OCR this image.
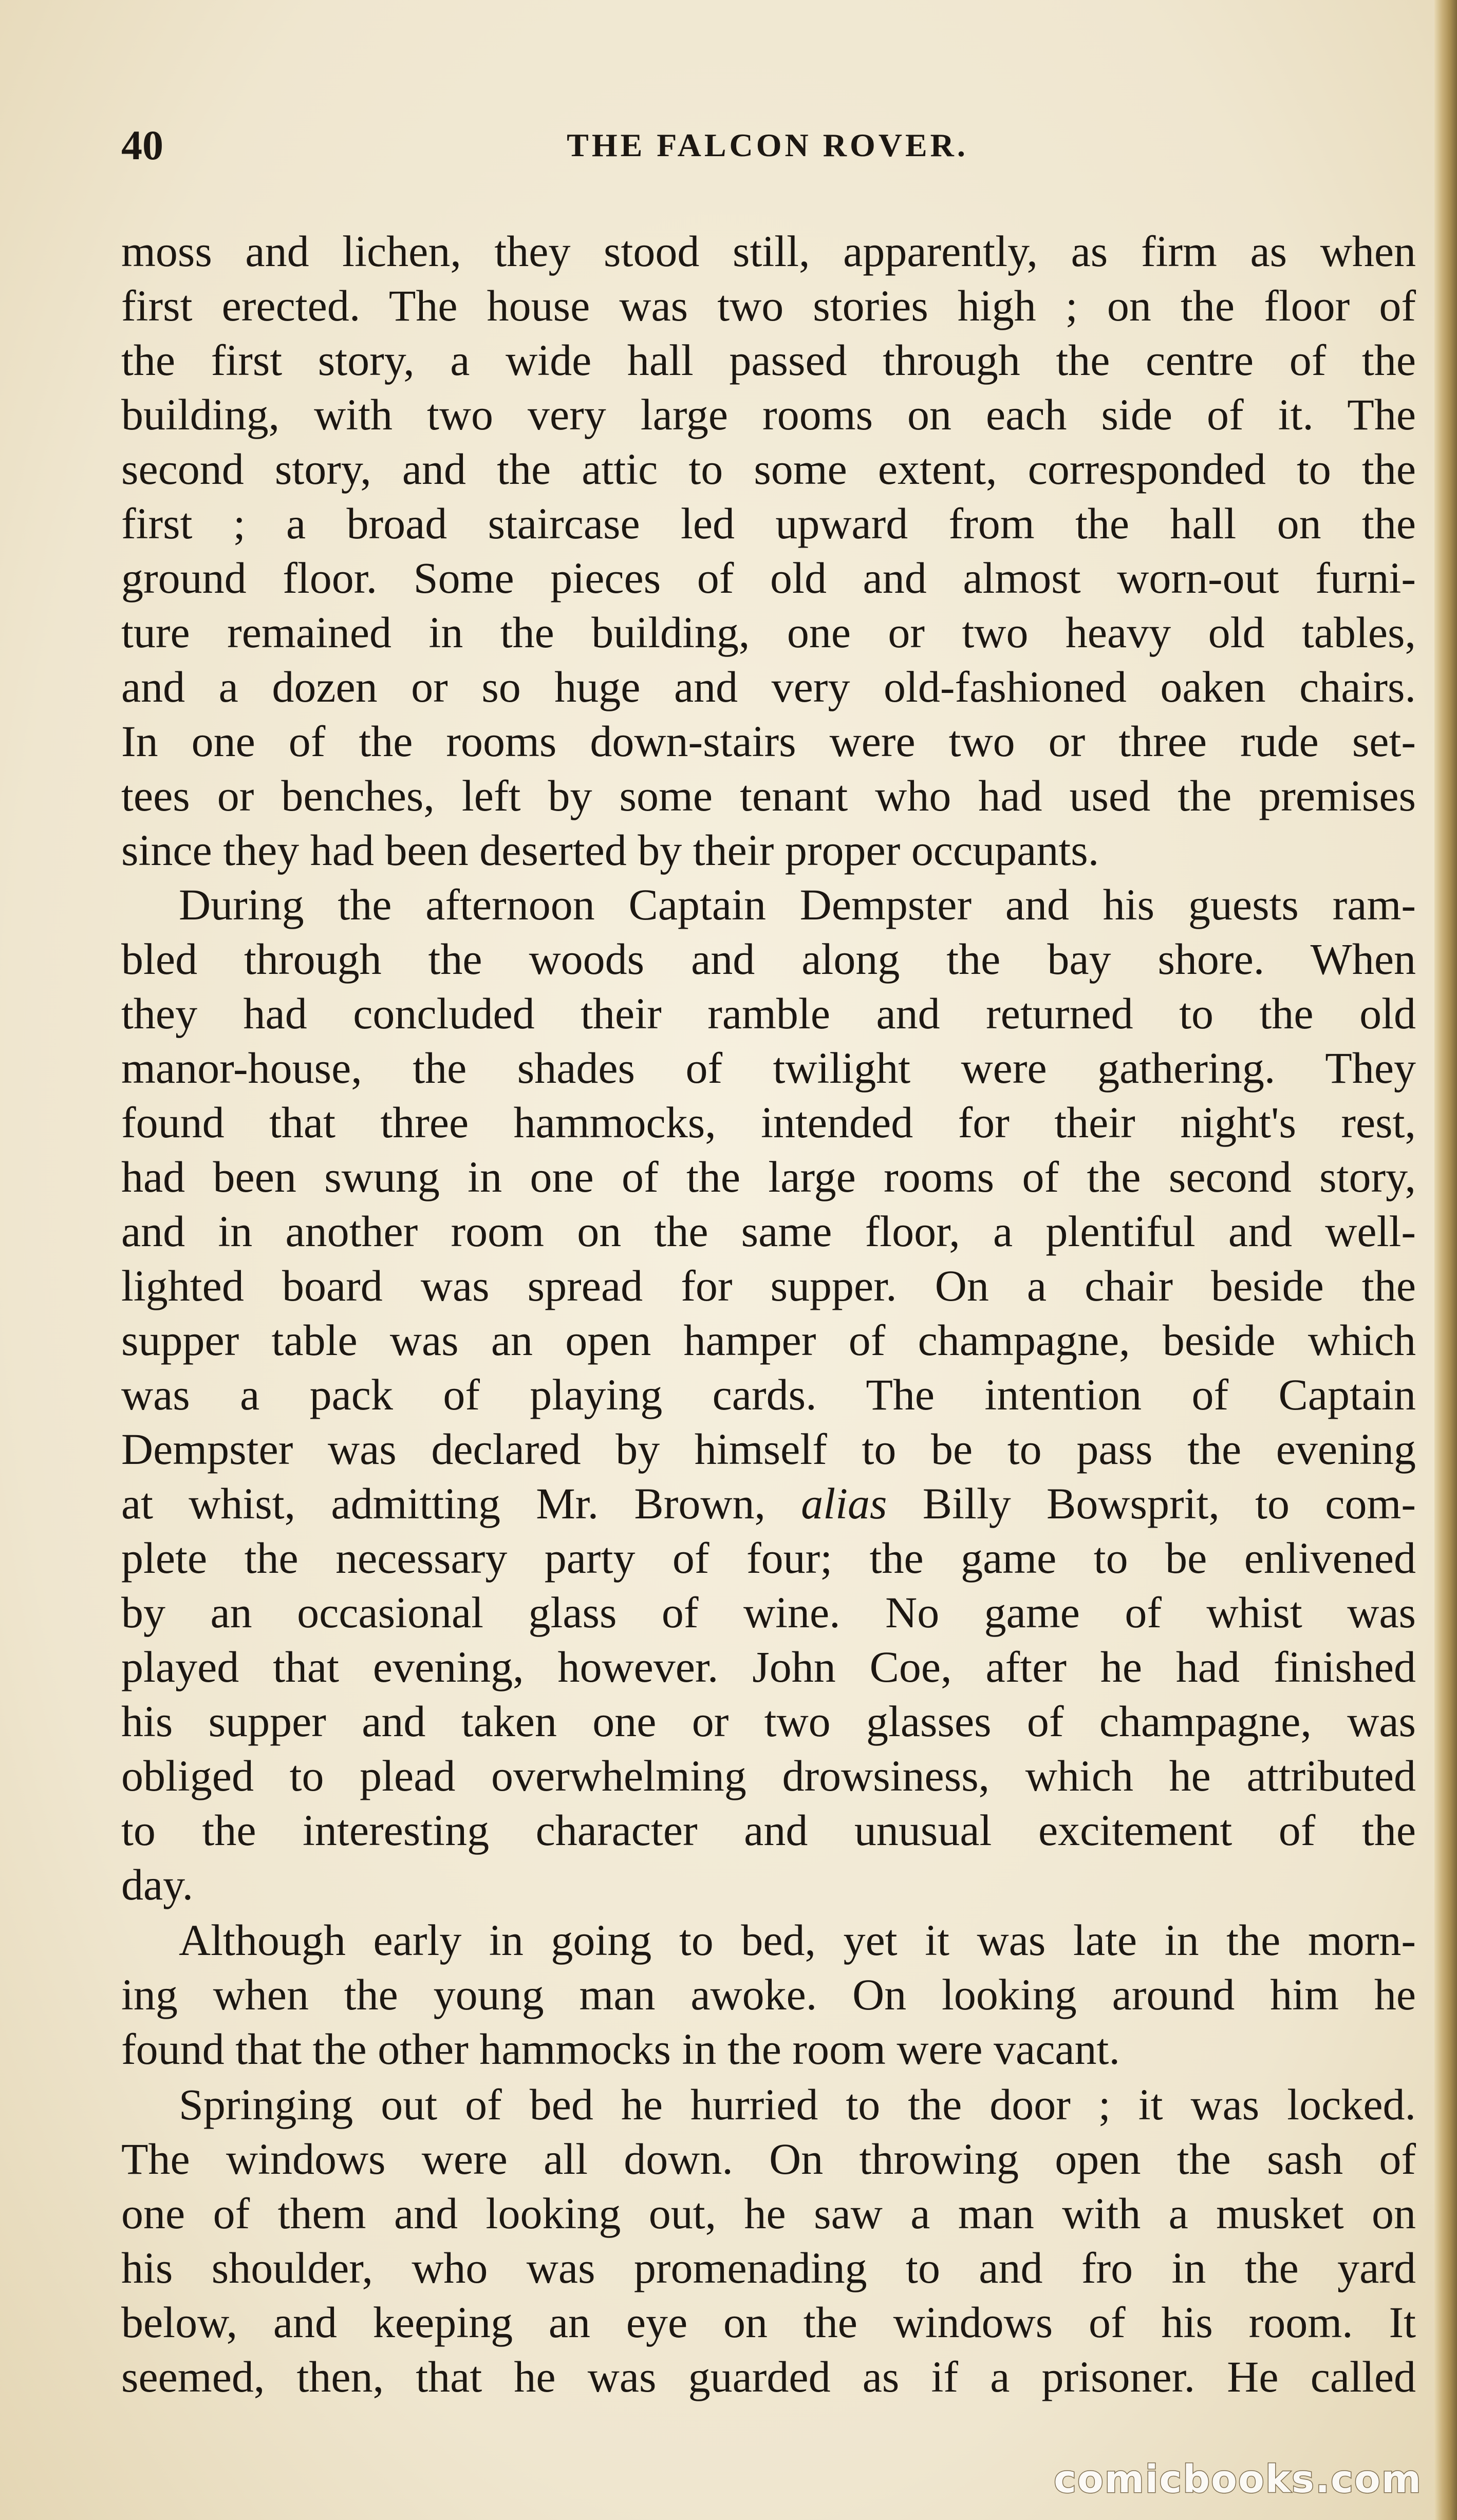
40	THE FALCON ROVER.
moss and lichen, they stood still, apparently, as firm as when
first erected. The house was two stories high ; on the floor of
the first story, a wide hall passed through the centre of the
building, with two very large rooms on each side of it. The
second story, and the attic to some extent, corresponded to the
first ; a broad staircase led upward from the hall on the
ground floor. Some pieces of old and almost worn-out furni-
ture remained in the building, one or two heavy old tables,
and a dozen or so huge and very old-fashioned oaken chairs.
In one of the rooms down-stairs were two or three rude set-
tees or benches, left by some tenant who had used the premises
since they had been deserted by their proper occupants.
During the afternoon Captain Dempster and his guests ram-
bled through the woods and along the bay shore. When
they had concluded their ramble and returned to the old
manor-house, the shades of twilight were gathering. They
found that three hammocks, intended for their night's rest,
had been swung in one of the large rooms of the second story,
and in another room on the same floor, a plentiful and well-
lighted board was spread for supper. On a chair beside the
supper table was an open hamper of champagne, beside which
was a pack of playing cards. The intention of Captain
Dempster was declared by himself to be to pass the evening
at whist, admitting Mr. Brown, alias Billy Bowsprit, to com-
plete the necessary party of four; the game to be enlivened
by an occasional glass of wine. No game of whist was
played that evening, however. John Coe, after he had finished
his supper and taken one or two glasses of champagne, was
obliged to plead overwhelming drowsiness, which he attributed
to the interesting character and unusual excitement of the
day.
Although early in going to bed, yet it was late in the morn-
ing when the young man awoke. On looking around him he
found that the other hammocks in the room were vacant.
Springing out of bed he hurried to the door ; it was locked.
The windows were all down. On throwing open the sash of
one of them and looking out, he saw a man with a musket on
his shoulder, who was promenading to and fro in the yard
below, and keeping an eye on the windows of his room. It
seemed, then, that he was guarded as if a prisoner. He called
comicbooks.com
